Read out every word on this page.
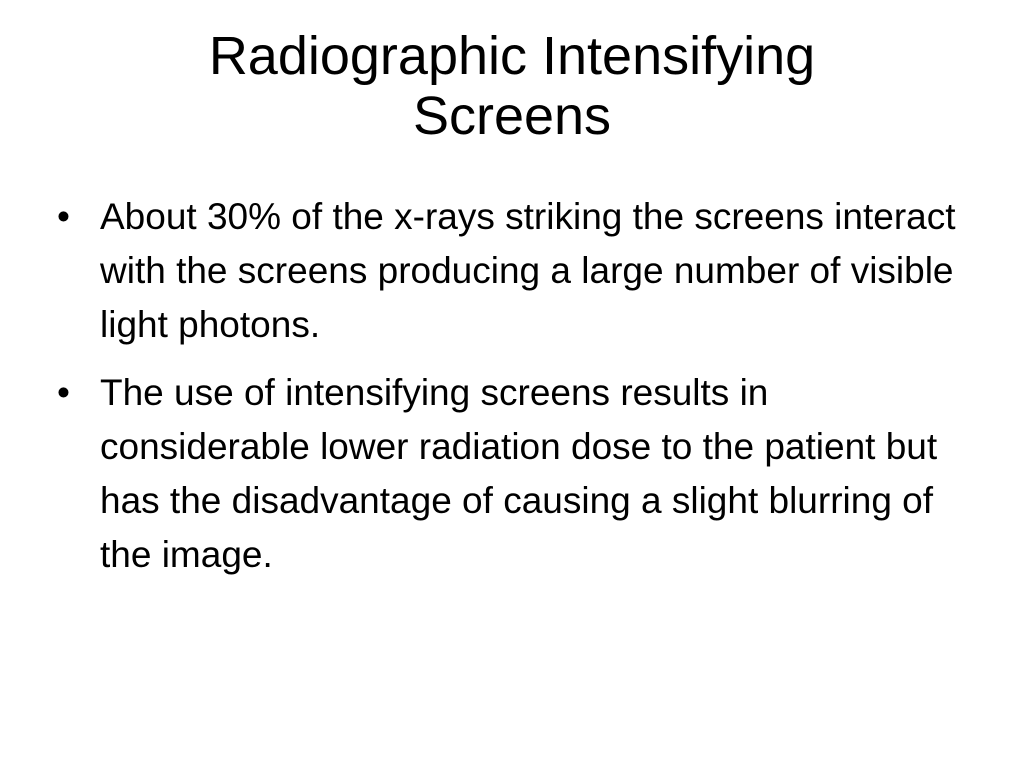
Radiographic Intensifying
Screens
• About 30% of the x-rays striking the screens interact with the screens producing a large number of visible light photons.
• The use of intensifying screens results in considerable lower radiation dose to the patient but has the disadvantage of causing a slight blurring of the image.
